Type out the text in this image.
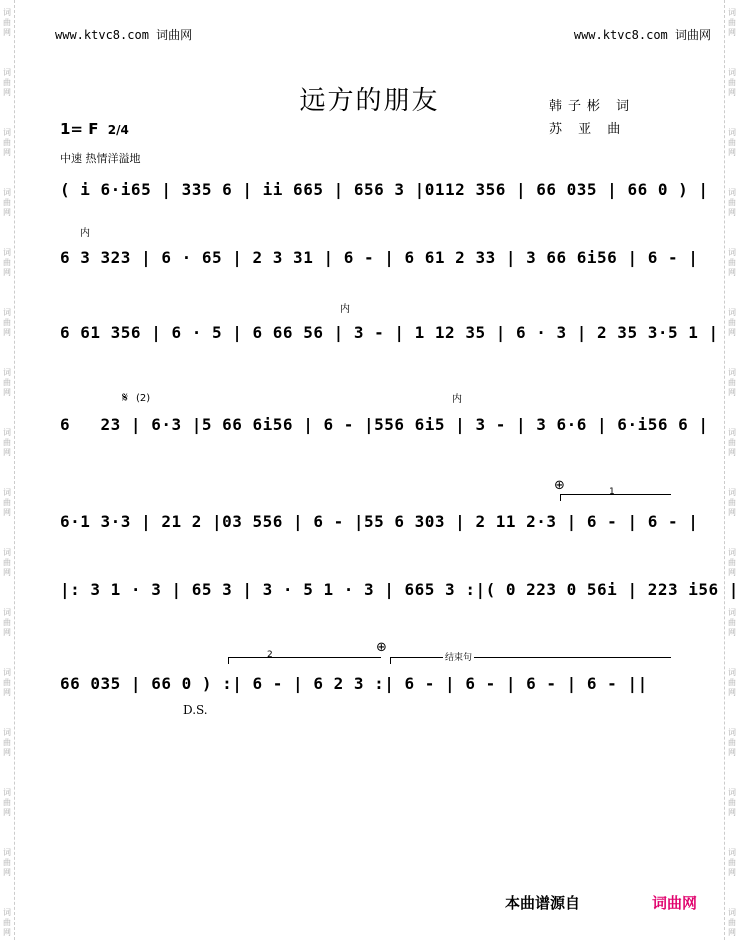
词曲网
词曲网
词曲网
词曲网
词曲网
词曲网
词曲网
词曲网
词曲网
词曲网
词曲网
词曲网
词曲网
词曲网
词曲网
词曲网
词曲网
词曲网
词曲网
词曲网
词曲网
词曲网
词曲网
词曲网
词曲网
词曲网
词曲网
词曲网
词曲网
词曲网
词曲网
词曲网
www.ktvc8.com 词曲网	www.ktvc8.com 词曲网
远方的朋友	韩子彬 词
苏 亚 曲
1= F 2/4
中速 热情洋溢地
( i 6·i65 | 335 6 | ii 665 | 656 3 |0112 356 | 66 035 | 66 0 ) |
6 3 323 | 6 · 65 | 2 3 31 | 6 - | 6 61 2 33 | 3 66 6i56 | 6 - |
6 61 356 | 6 · 5 | 6 66 56 | 3 - | 1 12 35 | 6 · 3 | 2 35 3·5 1 |
6   23 | 6·3 |5 66 6i56 | 6 - |556 6i5 | 3 - | 3 6·6 | 6·i56 6 |
6·1 3·3 | 21 2 |03 556 | 6 - |55 6 303 | 2 11 2·3 | 6 - | 6 - |
|: 3 1 · 3 | 65 3 | 3 · 5 1 · 3 | 665 3 :|( 0 223 0 56i | 223 i56 |
66 035 | 66 0 ) :| 6 - | 6 2 3 :| 6 - | 6 - | 6 - | 6 - ||
内
内
内
𝄋 (2)
⊕	1
⊕
2	结束句
D.S.
本曲谱源自	词曲网
